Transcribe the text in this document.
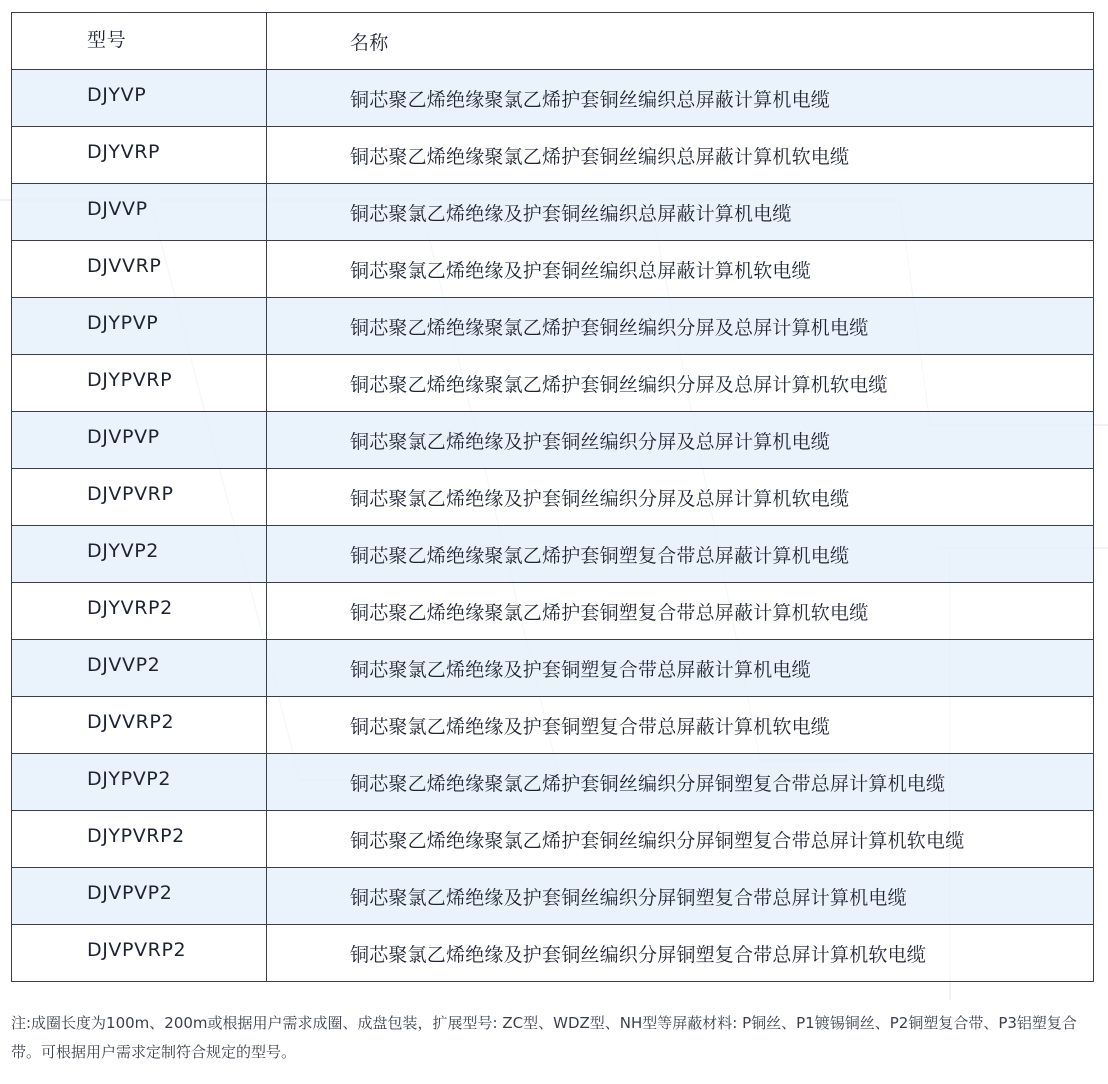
型号	名称
DJYVP	铜芯聚乙烯绝缘聚氯乙烯护套铜丝编织总屏蔽计算机电缆
DJYVRP	铜芯聚乙烯绝缘聚氯乙烯护套铜丝编织总屏蔽计算机软电缆
DJVVP	铜芯聚氯乙烯绝缘及护套铜丝编织总屏蔽计算机电缆
DJVVRP	铜芯聚氯乙烯绝缘及护套铜丝编织总屏蔽计算机软电缆
DJYPVP	铜芯聚乙烯绝缘聚氯乙烯护套铜丝编织分屏及总屏计算机电缆
DJYPVRP	铜芯聚乙烯绝缘聚氯乙烯护套铜丝编织分屏及总屏计算机软电缆
DJVPVP	铜芯聚氯乙烯绝缘及护套铜丝编织分屏及总屏计算机电缆
DJVPVRP	铜芯聚氯乙烯绝缘及护套铜丝编织分屏及总屏计算机软电缆
DJYVP2	铜芯聚乙烯绝缘聚氯乙烯护套铜塑复合带总屏蔽计算机电缆
DJYVRP2	铜芯聚乙烯绝缘聚氯乙烯护套铜塑复合带总屏蔽计算机软电缆
DJVVP2	铜芯聚氯乙烯绝缘及护套铜塑复合带总屏蔽计算机电缆
DJVVRP2	铜芯聚氯乙烯绝缘及护套铜塑复合带总屏蔽计算机软电缆
DJYPVP2	铜芯聚乙烯绝缘聚氯乙烯护套铜丝编织分屏铜塑复合带总屏计算机电缆
DJYPVRP2	铜芯聚乙烯绝缘聚氯乙烯护套铜丝编织分屏铜塑复合带总屏计算机软电缆
DJVPVP2	铜芯聚氯乙烯绝缘及护套铜丝编织分屏铜塑复合带总屏计算机电缆
DJVPVRP2	铜芯聚氯乙烯绝缘及护套铜丝编织分屏铜塑复合带总屏计算机软电缆
注:成圈长度为100m、200m或根据用户需求成圈、成盘包装，扩展型号: ZC型、WDZ型、NH型等屏蔽材料: P铜丝、P1镀锡铜丝、P2铜塑复合带、P3铝塑复合带。可根据用户需求定制符合规定的型号。
